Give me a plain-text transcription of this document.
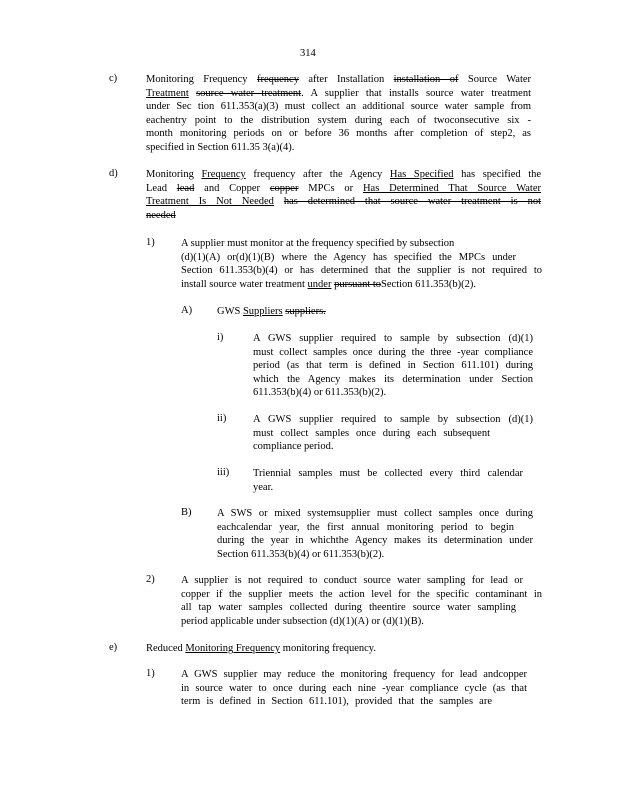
314
c)	Monitoring Frequency frequency after Installation installation of Source Water
Treatment source water treatment. A supplier that installs source water treatment
under Sec tion 611.353(a)(3) must collect an additional source water sample from
eachentry point to the distribution system during each of twoconsecutive six -
month monitoring periods on or before 36 months after completion of step2, as
specified in Section 611.35 3(a)(4).
d)	Monitoring Frequency frequency after the Agency Has Specified has specified the
Lead lead and Copper copper MPCs or Has Determined That Source Water
Treatment Is Not Needed has determined that source water treatment is not
needed
1)	A supplier must monitor at the frequency specified by subsection
(d)(1)(A) or(d)(1)(B) where the Agency has specified the MPCs under
Section 611.353(b)(4) or has determined that the supplier is not required to
install source water treatment under pursuant toSection 611.353(b)(2).
A) GWS Suppliers suppliers.
i)	A GWS supplier required to sample by subsection (d)(1)
must collect samples once during the three -year compliance
period (as that term is defined in Section 611.101) during
which the Agency makes its determination under Section
611.353(b)(4) or 611.353(b)(2).
ii)	A GWS supplier required to sample by subsection (d)(1)
must collect samples once during each subsequent
compliance period.
iii) Triennial samples must be collected every third calendar
year.
B) A SWS or mixed systemsupplier must collect samples once during
eachcalendar year, the first annual monitoring period to begin
during the year in whichthe Agency makes its determination under
Section 611.353(b)(4) or 611.353(b)(2).
2)	A supplier is not required to conduct source water sampling for lead or
copper if the supplier meets the action level for the specific contaminant in
all tap water samples collected during theentire source water sampling
period applicable under subsection (d)(1)(A) or (d)(1)(B).
e)	Reduced Monitoring Frequency monitoring frequency.
1)	A GWS supplier may reduce the monitoring frequency for lead andcopper
in source water to once during each nine -year compliance cycle (as that
term is defined in Section 611.101), provided that the samples are
